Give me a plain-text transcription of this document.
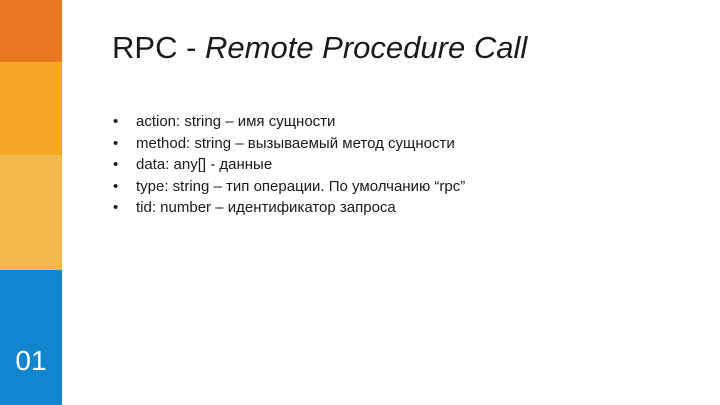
01
RPC - Remote Procedure Call
•	action: string – имя сущности
•	method: string – вызываемый метод сущности
•	data: any[] - данные
•	type: string – тип операции. По умолчанию “rpc”
•	tid: number – идентификатор запроса
